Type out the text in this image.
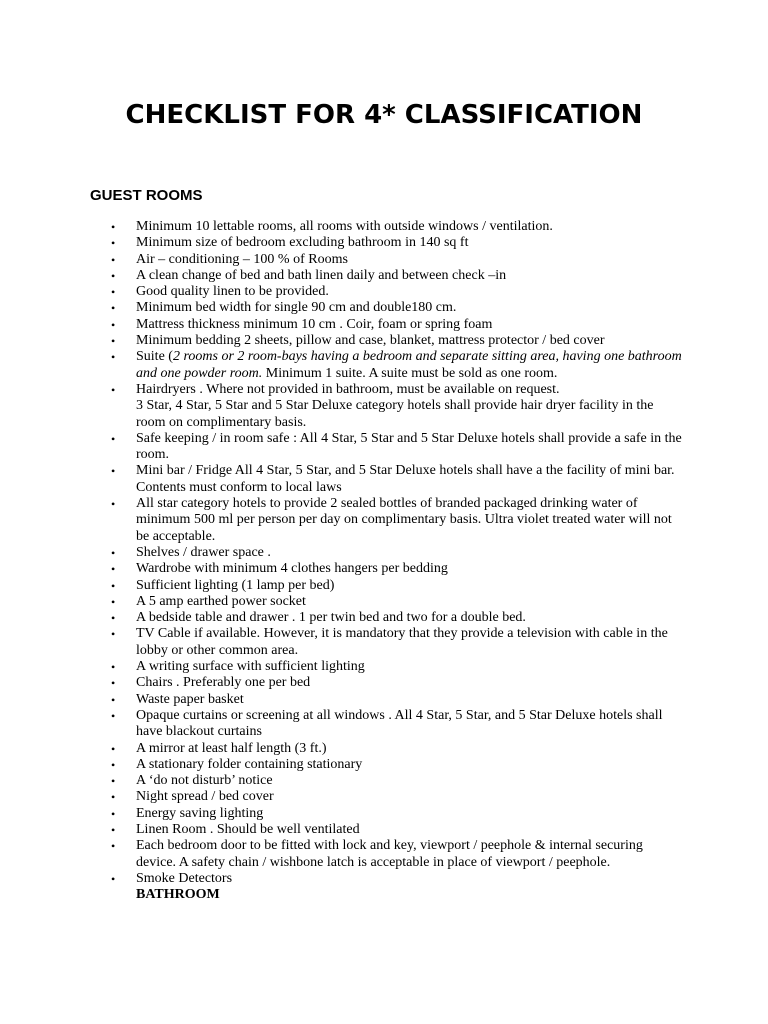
CHECKLIST FOR 4* CLASSIFICATION
GUEST ROOMS
• Minimum 10 lettable rooms, all rooms with outside windows / ventilation.
• Minimum size of bedroom excluding bathroom in 140 sq ft
• Air – conditioning – 100 % of Rooms
• A clean change of bed and bath linen daily and between check –in
• Good quality linen to be provided.
• Minimum bed width for single 90 cm and double180 cm.
• Mattress thickness minimum 10 cm . Coir, foam or spring foam
• Minimum bedding 2 sheets, pillow and case, blanket, mattress protector / bed cover
• Suite (2 rooms or 2 room-bays having a bedroom and separate sitting area, having one bathroom
and one powder room. Minimum 1 suite. A suite must be sold as one room.
• Hairdryers . Where not provided in bathroom, must be available on request.
3 Star, 4 Star, 5 Star and 5 Star Deluxe category hotels shall provide hair dryer facility in the
room on complimentary basis.
• Safe keeping / in room safe : All 4 Star, 5 Star and 5 Star Deluxe hotels shall provide a safe in the
room.
• Mini bar / Fridge All 4 Star, 5 Star, and 5 Star Deluxe hotels shall have a the facility of mini bar.
Contents must conform to local laws
• All star category hotels to provide 2 sealed bottles of branded packaged drinking water of
minimum 500 ml per person per day on complimentary basis. Ultra violet treated water will not
be acceptable.
• Shelves / drawer space .
• Wardrobe with minimum 4 clothes hangers per bedding
• Sufficient lighting (1 lamp per bed)
• A 5 amp earthed power socket
• A bedside table and drawer . 1 per twin bed and two for a double bed.
• TV Cable if available. However, it is mandatory that they provide a television with cable in the
lobby or other common area.
• A writing surface with sufficient lighting
• Chairs . Preferably one per bed
• Waste paper basket
• Opaque curtains or screening at all windows . All 4 Star, 5 Star, and 5 Star Deluxe hotels shall
have blackout curtains
• A mirror at least half length (3 ft.)
• A stationary folder containing stationary
• A ‘do not disturb’ notice
• Night spread / bed cover
• Energy saving lighting
• Linen Room . Should be well ventilated
• Each bedroom door to be fitted with lock and key, viewport / peephole & internal securing
device. A safety chain / wishbone latch is acceptable in place of viewport / peephole.
• Smoke Detectors
BATHROOM
